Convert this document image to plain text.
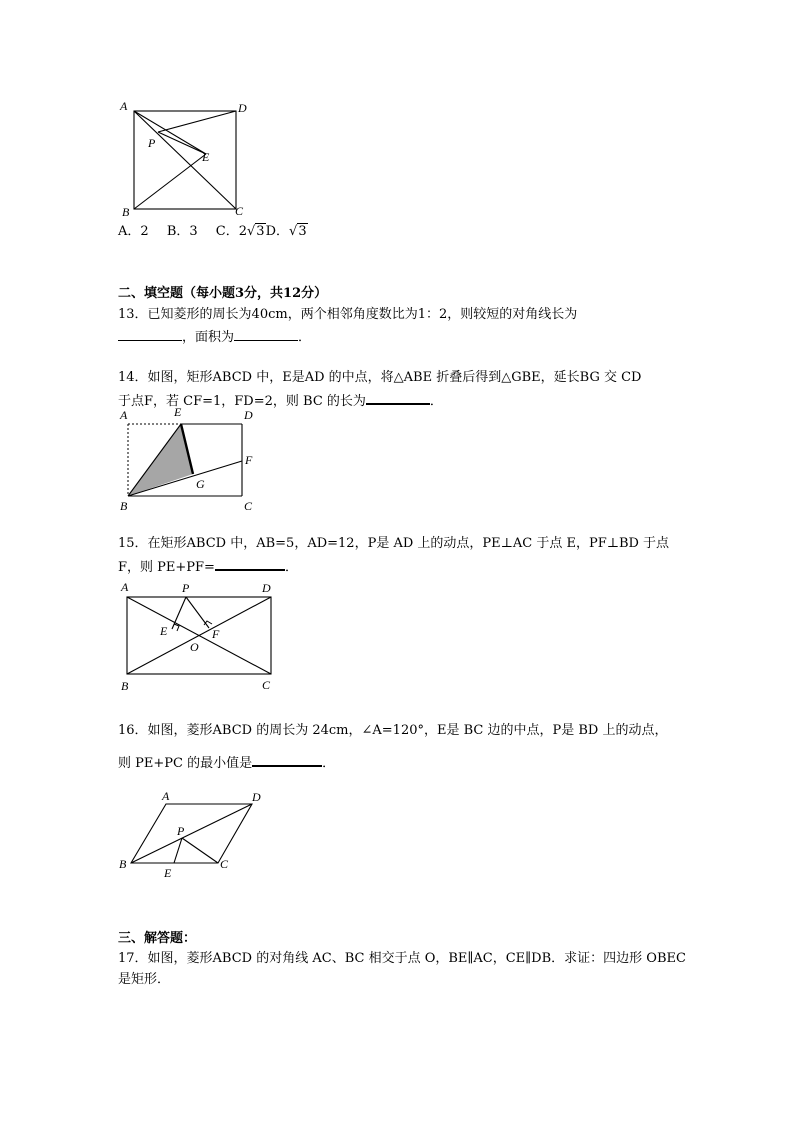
A	D
P
E
B	C
A．2 B．3 C．2√3D．√3
二、填空题（每小题3分，共12分）
13．已知菱形的周长为40cm，两个相邻角度数比为1：2，则较短的对角线长为
，面积为	．
14．如图，矩形ABCD 中，E是AD 的中点，将△ABE 折叠后得到△GBE，延长BG 交 CD
于点F，若 CF=1，FD=2，则 BC 的长为	．
A	E	D
F
G
B	C
15．在矩形ABCD 中，AB=5，AD=12，P是 AD 上的动点，PE⊥AC 于点 E，PF⊥BD 于点
F，则 PE+PF=	．
A	P	D
E	F
O
B	C
16．如图，菱形ABCD 的周长为 24cm，∠A=120°，E是 BC 边的中点，P是 BD 上的动点，
则 PE+PC 的最小值是	．
A	D
P
B	C
E
三、解答题：
17．如图，菱形ABCD 的对角线 AC、BC 相交于点 O，BE∥AC，CE∥DB．求证：四边形 OBEC
是矩形．
